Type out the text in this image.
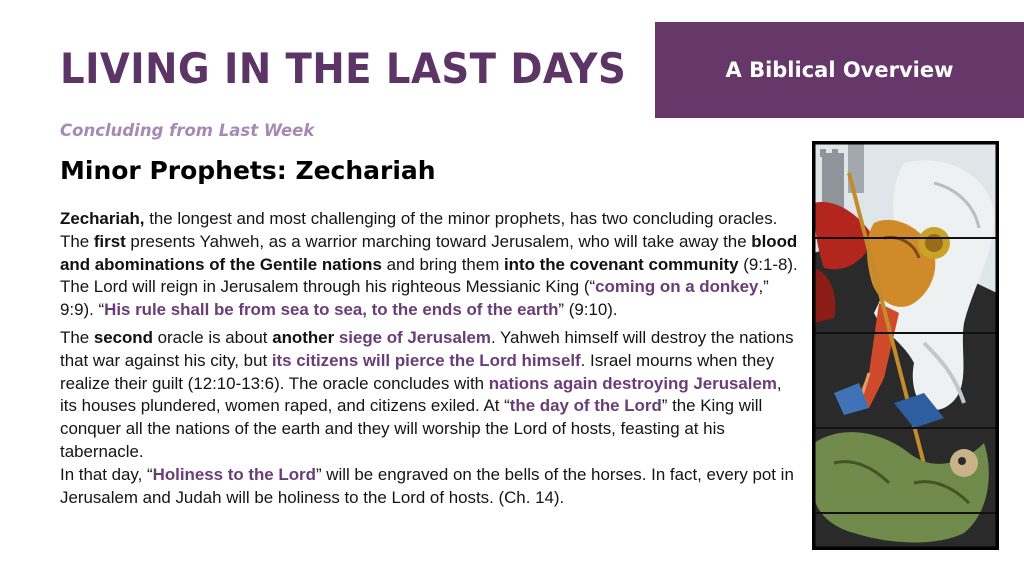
LIVING IN THE LAST DAYS	A Biblical Overview
Concluding from Last Week
Minor Prophets: Zechariah

Zechariah, the longest and most challenging of the minor prophets, has two concluding oracles. The first presents Yahweh, as a warrior marching toward Jerusalem, who will take away the blood and abominations of the Gentile nations and bring them into the covenant community (9:1-8). The Lord will reign in Jerusalem through his righteous Messianic King (“coming on a donkey,” 9:9). “His rule shall be from sea to sea, to the ends of the earth” (9:10).

The second oracle is about another siege of Jerusalem. Yahweh himself will destroy the nations that war against his city, but its citizens will pierce the Lord himself. Israel mourns when they realize their guilt (12:10-13:6). The oracle concludes with nations again destroying Jerusalem, its houses plundered, women raped, and citizens exiled. At “the day of the Lord” the King will conquer all the nations of the earth and they will worship the Lord of hosts, feasting at his tabernacle.

In that day, “Holiness to the Lord” will be engraved on the bells of the horses. In fact, every pot in Jerusalem and Judah will be holiness to the Lord of hosts. (Ch. 14).
